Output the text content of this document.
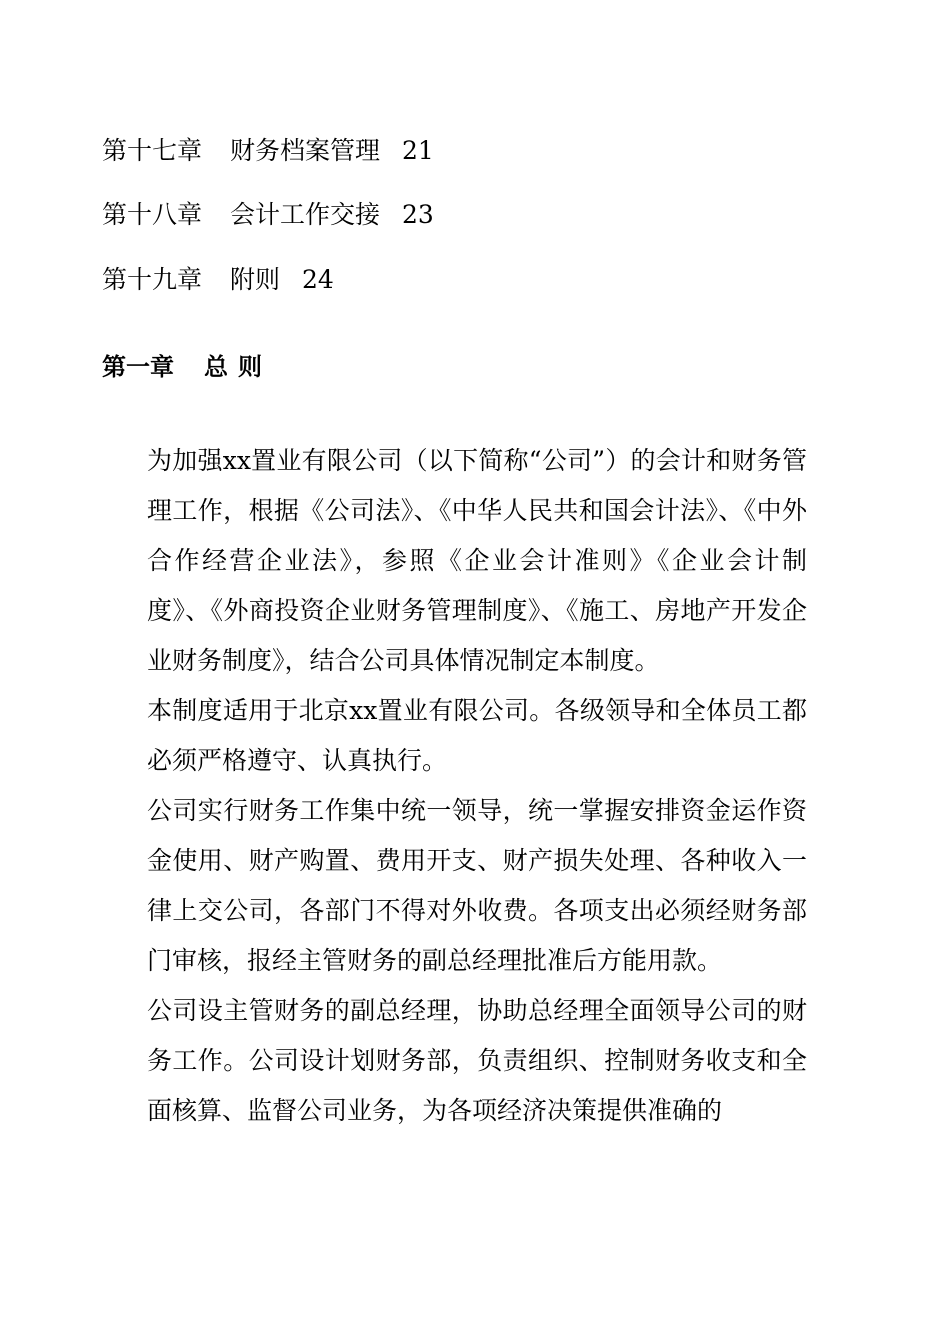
第十七章 财务档案管理 21
第十八章 会计工作交接 23
第十九章 附则 24
第一章 总 则

为加强xx置业有限公司（以下简称“公司”）的会计和财务管理工作，根据《公司法》、《中华人民共和国会计法》、《中外合作经营企业法》，参照《企业会计准则》《企业会计制度》、《外商投资企业财务管理制度》、《施工、房地产开发企业财务制度》，结合公司具体情况制定本制度。

本制度适用于北京xx置业有限公司。各级领导和全体员工都必须严格遵守、认真执行。

公司实行财务工作集中统一领导，统一掌握安排资金运作资金使用、财产购置、费用开支、财产损失处理、各种收入一律上交公司，各部门不得对外收费。各项支出必须经财务部门审核，报经主管财务的副总经理批准后方能用款。

公司设主管财务的副总经理，协助总经理全面领导公司的财务工作。公司设计划财务部，负责组织、控制财务收支和全面核算、监督公司业务，为各项经济决策提供准确的
